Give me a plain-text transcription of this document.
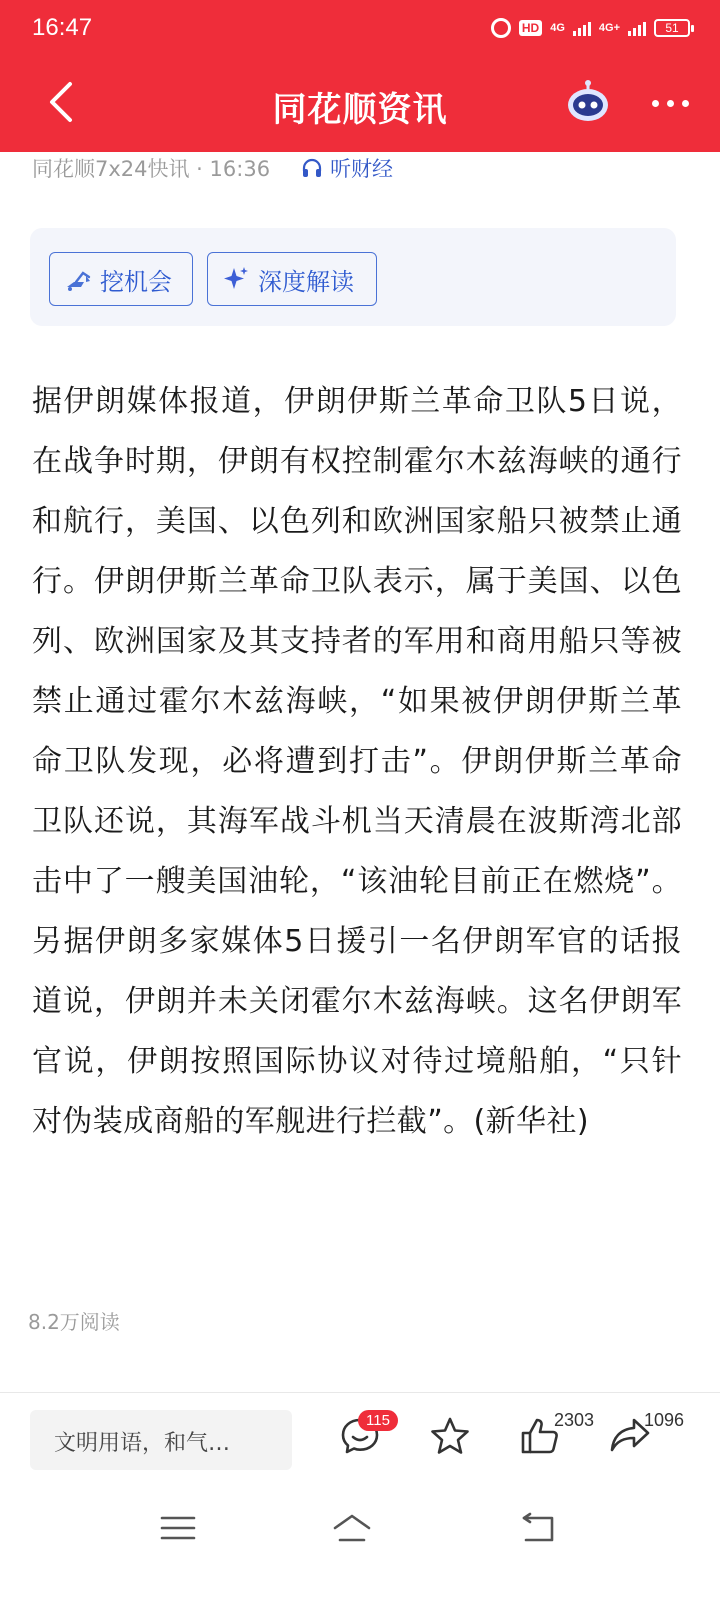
16:47	HD 4G	4G+	51
同花顺资讯
同花顺7x24快讯 · 16:36	听财经
挖机会	深度解读
据伊朗媒体报道，伊朗伊斯兰革命卫队5日说，在战争时期，伊朗有权控制霍尔木兹海峡的通行和航行，美国、以色列和欧洲国家船只被禁止通行。伊朗伊斯兰革命卫队表示，属于美国、以色列、欧洲国家及其支持者的军用和商用船只等被禁止通过霍尔木兹海峡，“如果被伊朗伊斯兰革命卫队发现，必将遭到打击”。伊朗伊斯兰革命卫队还说，其海军战斗机当天清晨在波斯湾北部击中了一艘美国油轮，“该油轮目前正在燃烧”。另据伊朗多家媒体5日援引一名伊朗军官的话报道说，伊朗并未关闭霍尔木兹海峡。这名伊朗军官说，伊朗按照国际协议对待过境船舶，“只针对伪装成商船的军舰进行拦截”。(新华社)
8.2万阅读
文明用语，和气…
115	2303	1096
